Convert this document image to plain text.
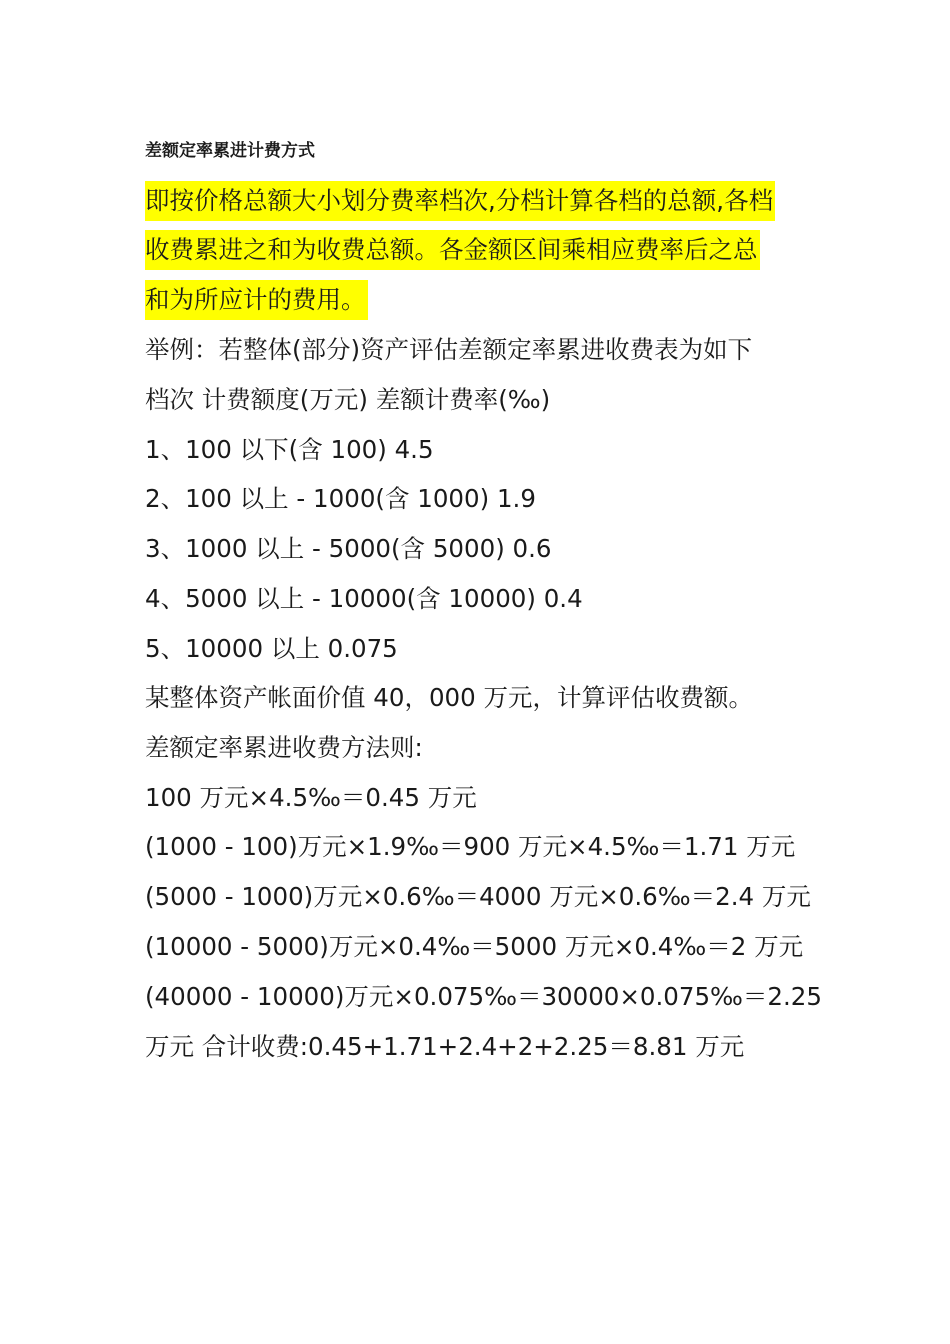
差额定率累进计费方式
即按价格总额大小划分费率档次,分档计算各档的总额,各档
收费累进之和为收费总额。各金额区间乘相应费率后之总
和为所应计的费用。
举例：若整体(部分)资产评估差额定率累进收费表为如下
档次 计费额度(万元) 差额计费率(‰)
1、100 以下(含 100) 4.5
2、100 以上 - 1000(含 1000) 1.9
3、1000 以上 - 5000(含 5000) 0.6
4、5000 以上 - 10000(含 10000) 0.4
5、10000 以上 0.075
某整体资产帐面价值 40，000 万元，计算评估收费额。
差额定率累进收费方法则:
100 万元×4.5‰＝0.45 万元
(1000 - 100)万元×1.9‰＝900 万元×4.5‰＝1.71 万元
(5000 - 1000)万元×0.6‰＝4000 万元×0.6‰＝2.4 万元
(10000 - 5000)万元×0.4‰＝5000 万元×0.4‰＝2 万元
(40000 - 10000)万元×0.075‰＝30000×0.075‰＝2.25
万元 合计收费:0.45+1.71+2.4+2+2.25＝8.81 万元
